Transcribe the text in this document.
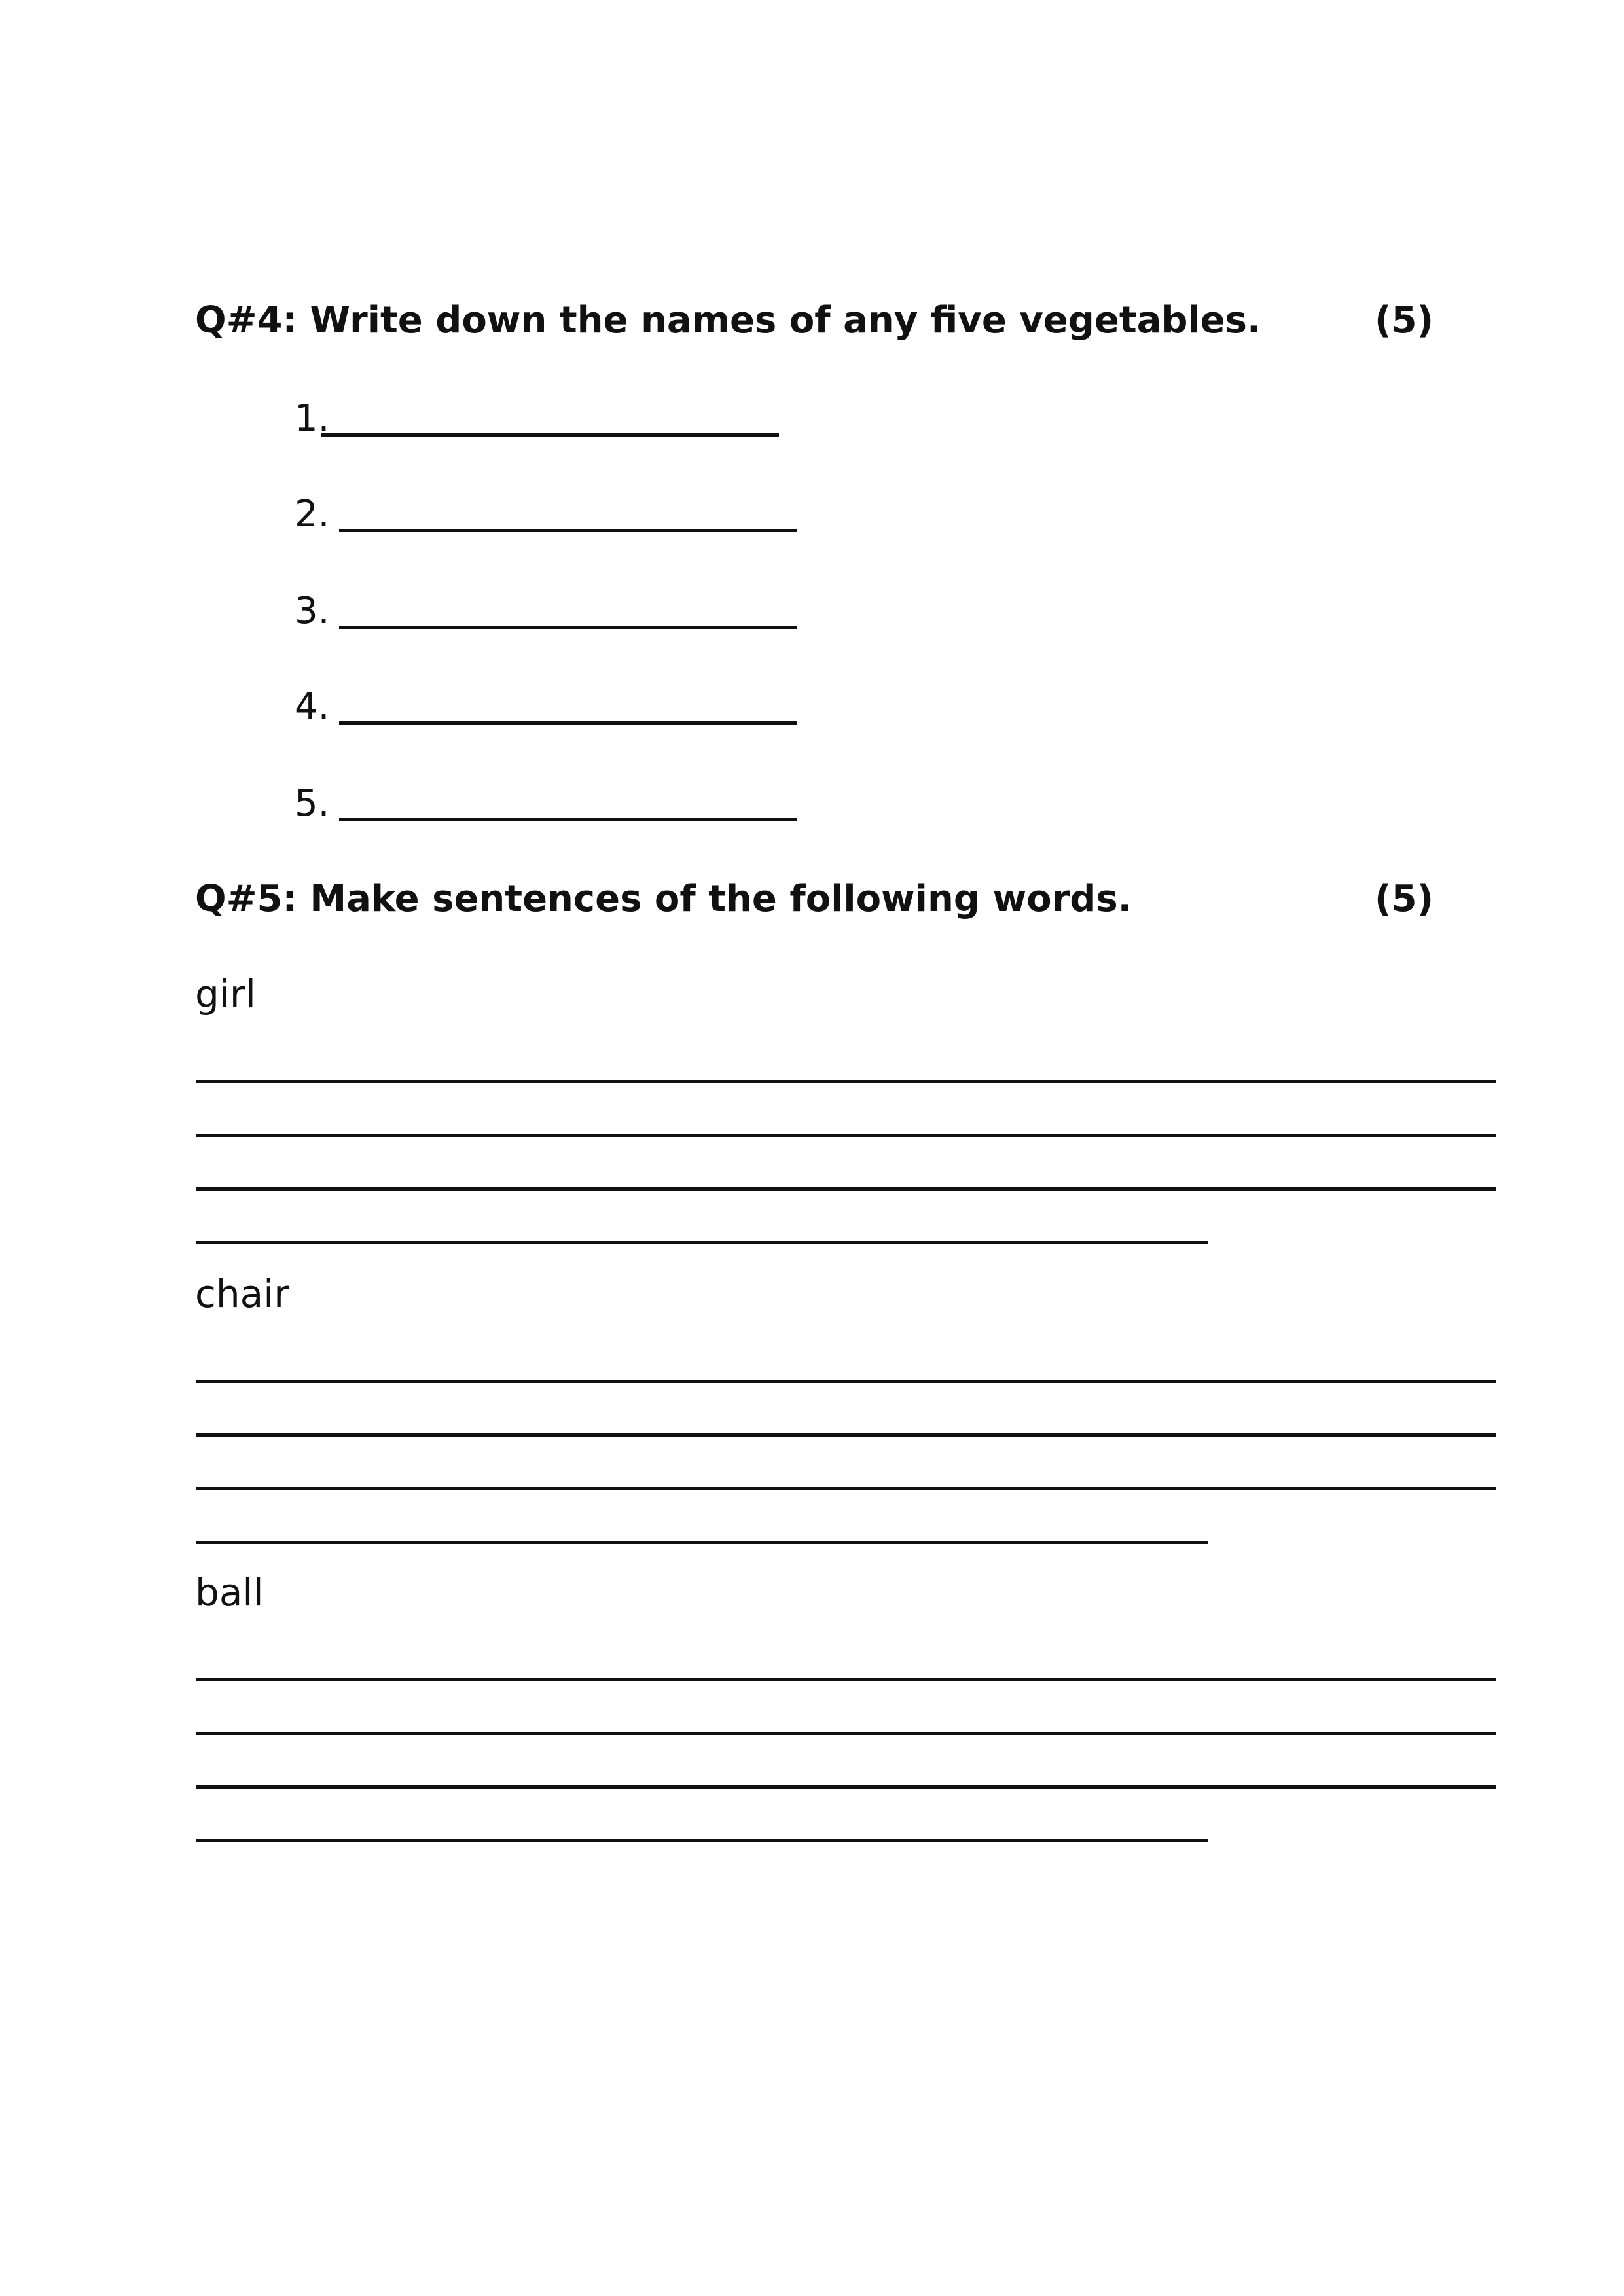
Q#4: Write down the names of any five vegetables.	(5)
1.
2.
3.
4.
5.
Q#5: Make sentences of the following words.	(5)
girl
chair
ball
